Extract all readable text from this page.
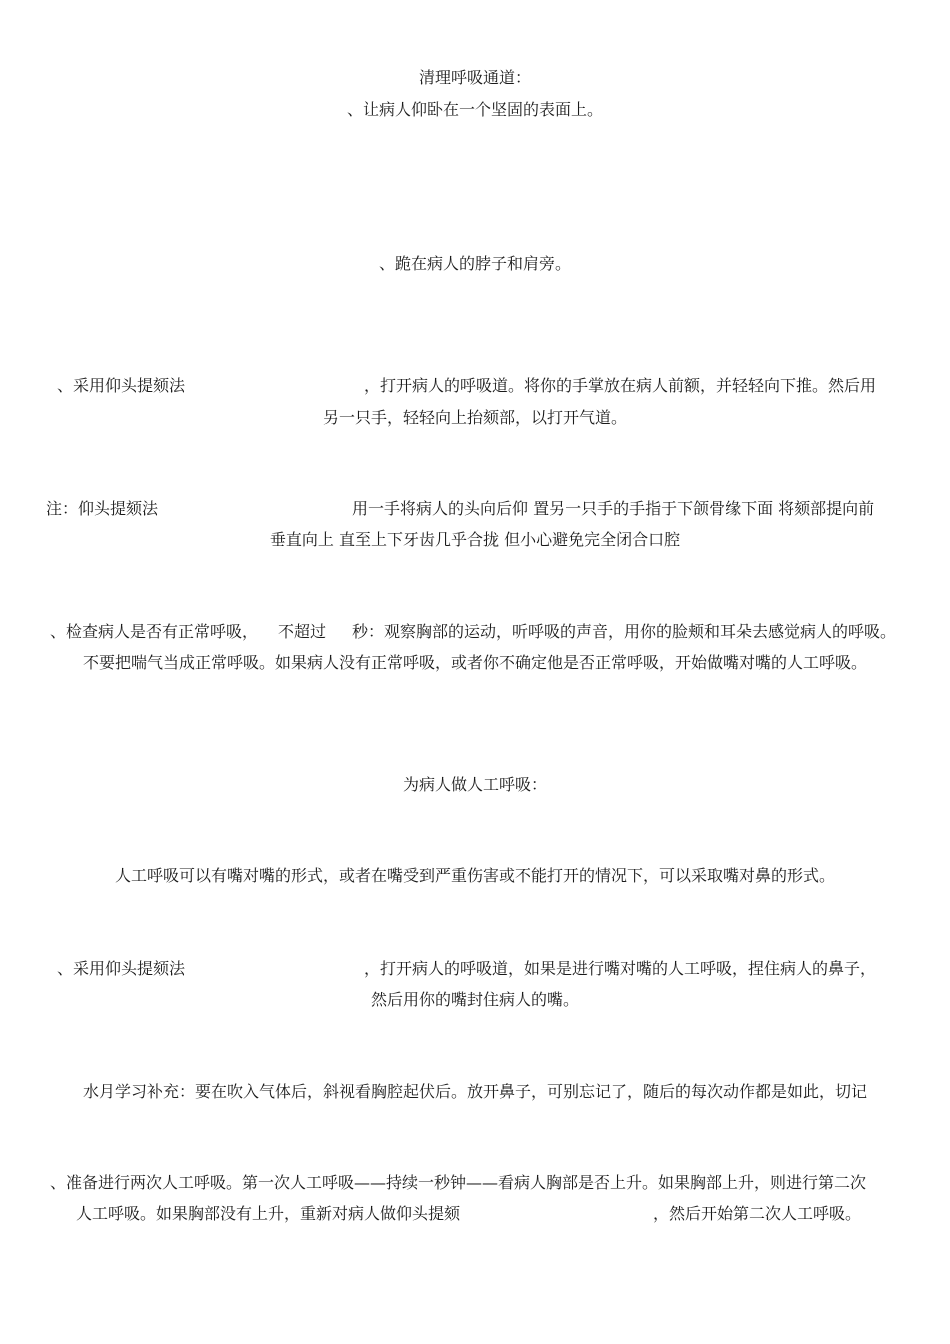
清理呼吸通道：
、让病人仰卧在一个坚固的表面上。
、跪在病人的脖子和肩旁。
、采用仰头提颏法	，打开病人的呼吸道。将你的手掌放在病人前额，并轻轻向下推。然后用
另一只手，轻轻向上抬颏部，以打开气道。
注：仰头提颏法	用一手将病人的头向后仰 置另一只手的手指于下颌骨缘下面 将颏部提向前
垂直向上 直至上下牙齿几乎合拢 但小心避免完全闭合口腔
、检查病人是否有正常呼吸， 不超过 秒：观察胸部的运动，听呼吸的声音，用你的脸颊和耳朵去感觉病人的呼吸。
不要把喘气当成正常呼吸。如果病人没有正常呼吸，或者你不确定他是否正常呼吸，开始做嘴对嘴的人工呼吸。
为病人做人工呼吸：
人工呼吸可以有嘴对嘴的形式，或者在嘴受到严重伤害或不能打开的情况下，可以采取嘴对鼻的形式。
、采用仰头提颏法	，打开病人的呼吸道，如果是进行嘴对嘴的人工呼吸，捏住病人的鼻子，
然后用你的嘴封住病人的嘴。
水月学习补充：要在吹入气体后，斜视看胸腔起伏后。放开鼻子，可别忘记了，随后的每次动作都是如此，切记
、准备进行两次人工呼吸。第一次人工呼吸——持续一秒钟——看病人胸部是否上升。如果胸部上升，则进行第二次
人工呼吸。如果胸部没有上升，重新对病人做仰头提颏	，然后开始第二次人工呼吸。
